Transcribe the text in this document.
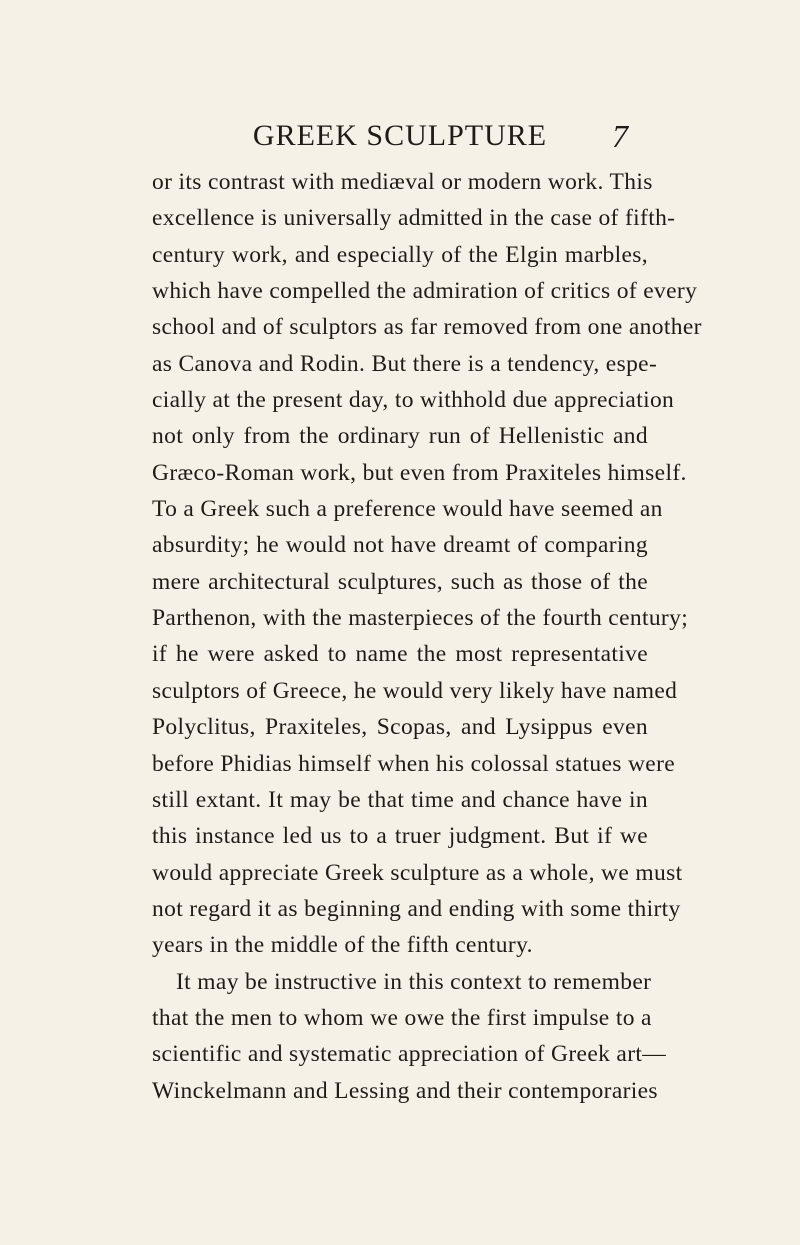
GREEK SCULPTURE	7
or its contrast with mediæval or modern work. This
excellence is universally admitted in the case of fifth-
century work, and especially of the Elgin marbles,
which have compelled the admiration of critics of every
school and of sculptors as far removed from one another
as Canova and Rodin. But there is a tendency, espe-
cially at the present day, to withhold due appreciation
not only from the ordinary run of Hellenistic and
Græco-Roman work, but even from Praxiteles himself.
To a Greek such a preference would have seemed an
absurdity; he would not have dreamt of comparing
mere architectural sculptures, such as those of the
Parthenon, with the masterpieces of the fourth century;
if he were asked to name the most representative
sculptors of Greece, he would very likely have named
Polyclitus, Praxiteles, Scopas, and Lysippus even
before Phidias himself when his colossal statues were
still extant. It may be that time and chance have in
this instance led us to a truer judgment. But if we
would appreciate Greek sculpture as a whole, we must
not regard it as beginning and ending with some thirty
years in the middle of the fifth century.
It may be instructive in this context to remember
that the men to whom we owe the first impulse to a
scientific and systematic appreciation of Greek art—
Winckelmann and Lessing and their contemporaries
